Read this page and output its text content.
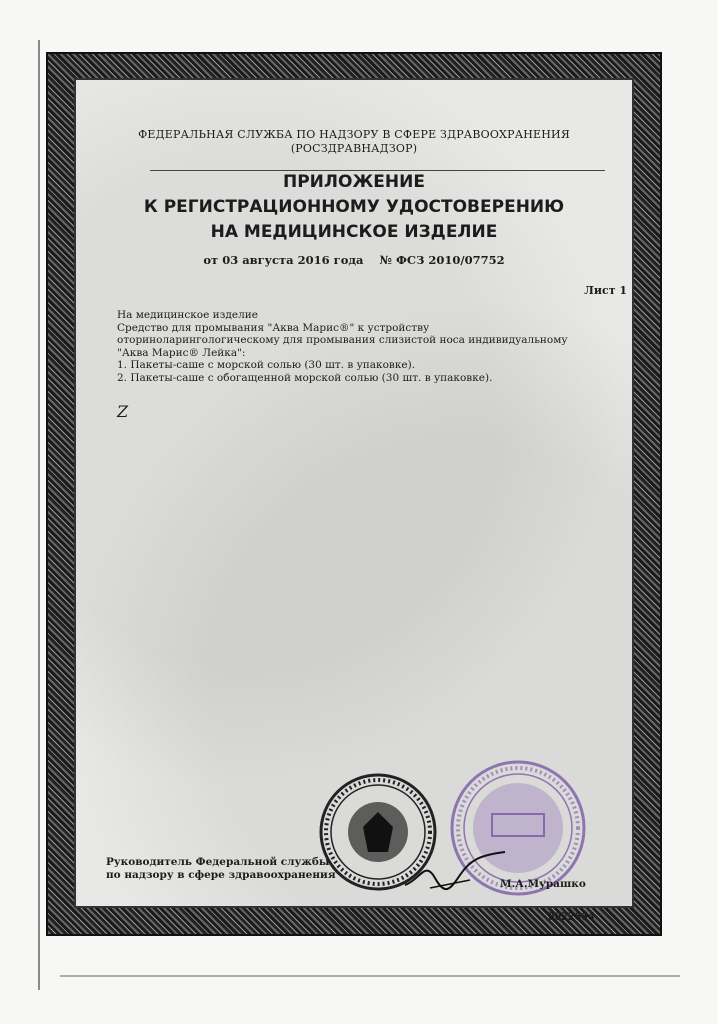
ФЕДЕРАЛЬНАЯ СЛУЖБА ПО НАДЗОРУ В СФЕРЕ ЗДРАВООХРАНЕНИЯ
(РОСЗДРАВНАДЗОР)
ПРИЛОЖЕНИЕ
К РЕГИСТРАЦИОННОМУ УДОСТОВЕРЕНИЮ
НА МЕДИЦИНСКОЕ ИЗДЕЛИЕ
от 03 августа 2016 года № ФСЗ 2010/07752
Лист 1
На медицинское изделие
Средство для промывания "Аква Марис®" к устройству
оториноларингологическому для промывания слизистой носа индивидуальному
"Аква Марис® Лейка":
1. Пакеты-саше с морской солью (30 шт. в упаковке).
2. Пакеты-саше с обогащенной морской солью (30 шт. в упаковке).
Z
Руководитель Федеральной службы
по надзору в сфере здравоохранения
М.А.Мурашко
0022664
